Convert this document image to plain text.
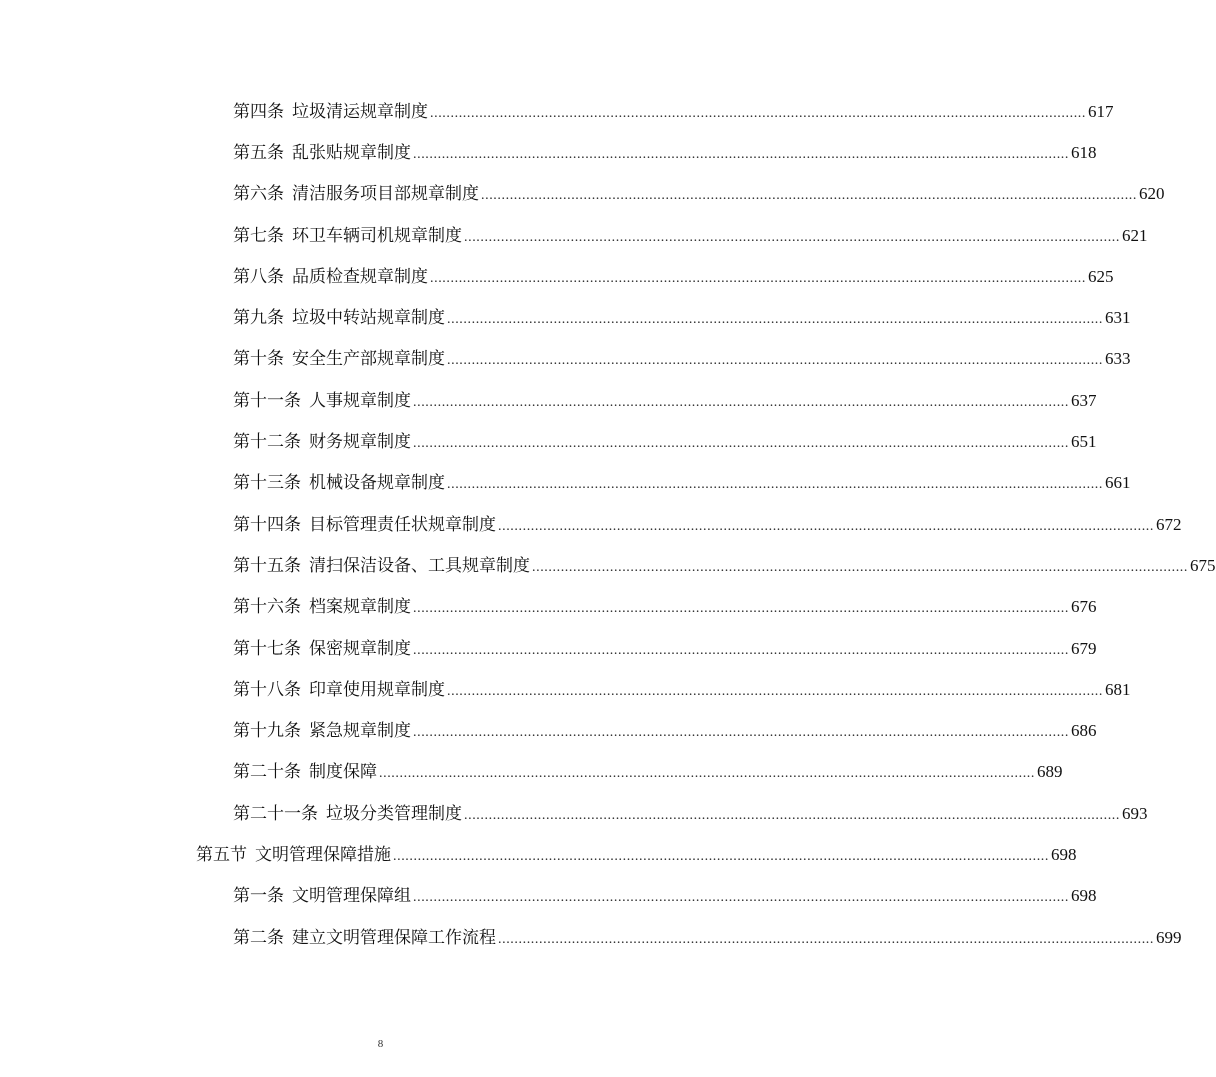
第四条 垃圾清运规章制度 ................................................................................................................................................................ 617
第五条 乱张贴规章制度 ................................................................................................................................................................ 618
第六条 清洁服务项目部规章制度 ................................................................................................................................................................ 620
第七条 环卫车辆司机规章制度 ................................................................................................................................................................ 621
第八条 品质检查规章制度 ................................................................................................................................................................ 625
第九条 垃圾中转站规章制度 ................................................................................................................................................................ 631
第十条 安全生产部规章制度 ................................................................................................................................................................ 633
第十一条 人事规章制度 ................................................................................................................................................................ 637
第十二条 财务规章制度 ................................................................................................................................................................ 651
第十三条 机械设备规章制度 ................................................................................................................................................................ 661
第十四条 目标管理责任状规章制度 ................................................................................................................................................................ 672
第十五条 清扫保洁设备、工具规章制度 ................................................................................................................................................................ 675
第十六条 档案规章制度 ................................................................................................................................................................ 676
第十七条 保密规章制度 ................................................................................................................................................................ 679
第十八条 印章使用规章制度 ................................................................................................................................................................ 681
第十九条 紧急规章制度 ................................................................................................................................................................ 686
第二十条 制度保障 ................................................................................................................................................................ 689
第二十一条 垃圾分类管理制度 ................................................................................................................................................................ 693
第五节 文明管理保障措施 ................................................................................................................................................................ 698
第一条 文明管理保障组 ................................................................................................................................................................ 698
第二条 建立文明管理保障工作流程 ................................................................................................................................................................ 699
8
